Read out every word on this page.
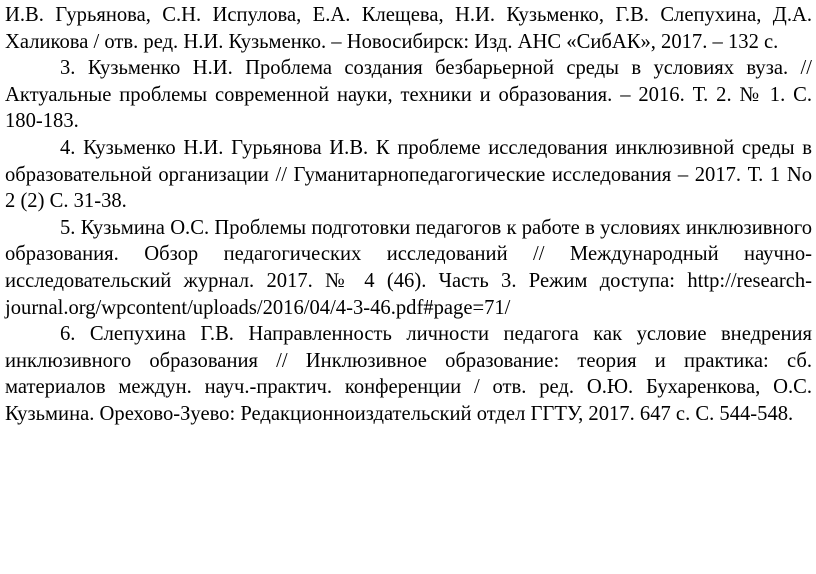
И.В. Гурьянова, С.Н. Испулова, Е.А. Клещева, Н.И. Кузьменко, Г.В. Слепухина, Д.А. Халикова / отв. ред. Н.И. Кузьменко. – Новосибирск: Изд. АНС «СибАК», 2017. – 132 с.

3. Кузьменко Н.И. Проблема создания безбарьерной среды в условиях вуза. // Актуальные проблемы современной науки, техники и образования. – 2016. Т. 2. № 1. С. 180-183.

4. Кузьменко Н.И. Гурьянова И.В. К проблеме исследования инклюзивной среды в образовательной организации // Гуманитарнопедагогические исследования – 2017. Т. 1 No 2 (2) С. 31-38.

5. Кузьмина О.С. Проблемы подготовки педагогов к работе в условиях инклюзивного образования. Обзор педагогических исследований // Международный научно-исследовательский журнал. 2017. № 4 (46). Часть 3. Режим доступа: http://research-journal.org/wpcontent/uploads/2016/04/4-3-46.pdf#page=71/

6. Слепухина Г.В. Направленность личности педагога как условие внедрения инклюзивного образования // Инклюзивное образование: теория и практика: сб. материалов междун. науч.-практич. конференции / отв. ред. О.Ю. Бухаренкова, О.С. Кузьмина. Орехово-Зуево: Редакционноиздательский отдел ГГТУ, 2017. 647 с. С. 544-548.
